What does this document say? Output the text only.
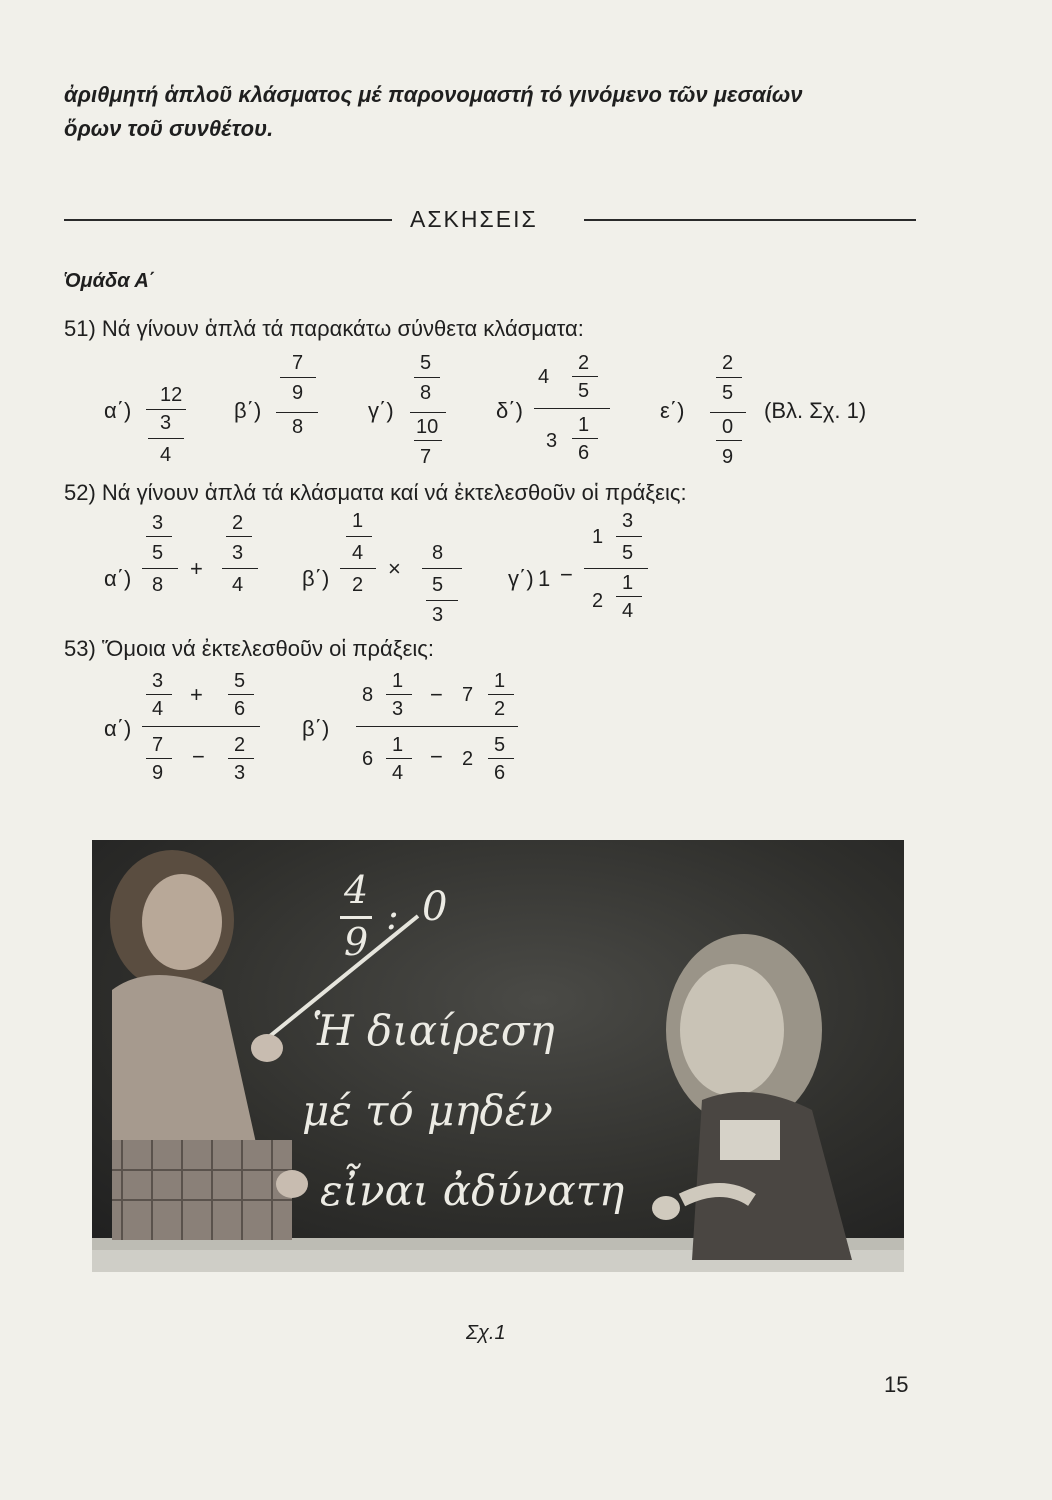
ἀριθμητή ἁπλοῦ κλάσματος μέ παρονομαστή τό γινόμενο τῶν μεσαίων
ὅρων τοῦ συνθέτου.
ΑΣΚΗΣΕΙΣ
Ὁμάδα Α΄
51) Νά γίνουν ἁπλά τά παρακάτω σύνθετα κλάσματα:
α΄)
12
3
4
β΄)
7
9
8
γ΄)
5
8
10
7
δ΄)
4
2
5
3
1
6
ε΄)
2
5
0
9
(Βλ. Σχ. 1)
52) Νά γίνουν ἁπλά τά κλάσματα καί νά ἐκτελεσθοῦν οἱ πράξεις:
α΄)
3
5
8
+
2
3
4	β΄)
1
4
2
×
8
5
3
γ΄) 1 −
1
3
5
2
1
4
53) Ὅμοια νά ἐκτελεσθοῦν οἱ πράξεις:
α΄)
3
4
+
5
6
7
9
− 2
3
β΄)
8
1
3
− 7
1
2
6
1
4
− 2
5
6
4
9
: 0
Ἡ διαίρεση
μέ τό μηδέν
εἶναι ἀδύνατη
Σχ.1
15
